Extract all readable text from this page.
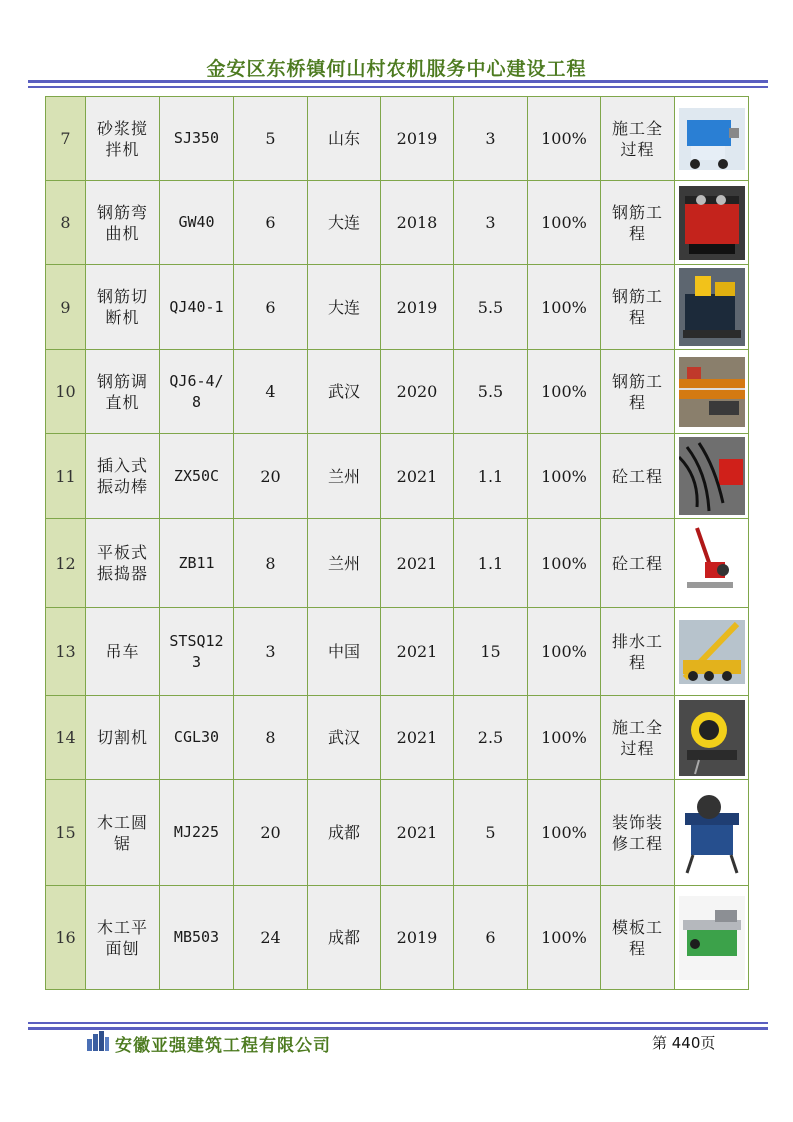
金安区东桥镇何山村农机服务中心建设工程
7	砂浆搅拌机	SJ350	5	山东	2019	3	100%	施工全过程	

8	钢筋弯曲机	GW40	6	大连	2018	3	100%	钢筋工程	

9	钢筋切断机	QJ40-1	6	大连	2019	5.5	100%	钢筋工程	

10	钢筋调直机	QJ6-4/8	4	武汉	2020	5.5	100%	钢筋工程	

11	插入式振动棒	ZX50C	20	兰州	2021	1.1	100%	砼工程	

12	平板式振捣器	ZB11	8	兰州	2021	1.1	100%	砼工程	

13	吊车	STSQ123	3	中国	2021	15	100%	排水工程	

14	切割机	CGL30	8	武汉	2021	2.5	100%	施工全过程	

15	木工圆锯	MJ225	20	成都	2021	5	100%	装饰装修工程	

16	木工平面刨	MB503	24	成都	2019	6	100%	模板工程	
安徽亚强建筑工程有限公司	第 440页
